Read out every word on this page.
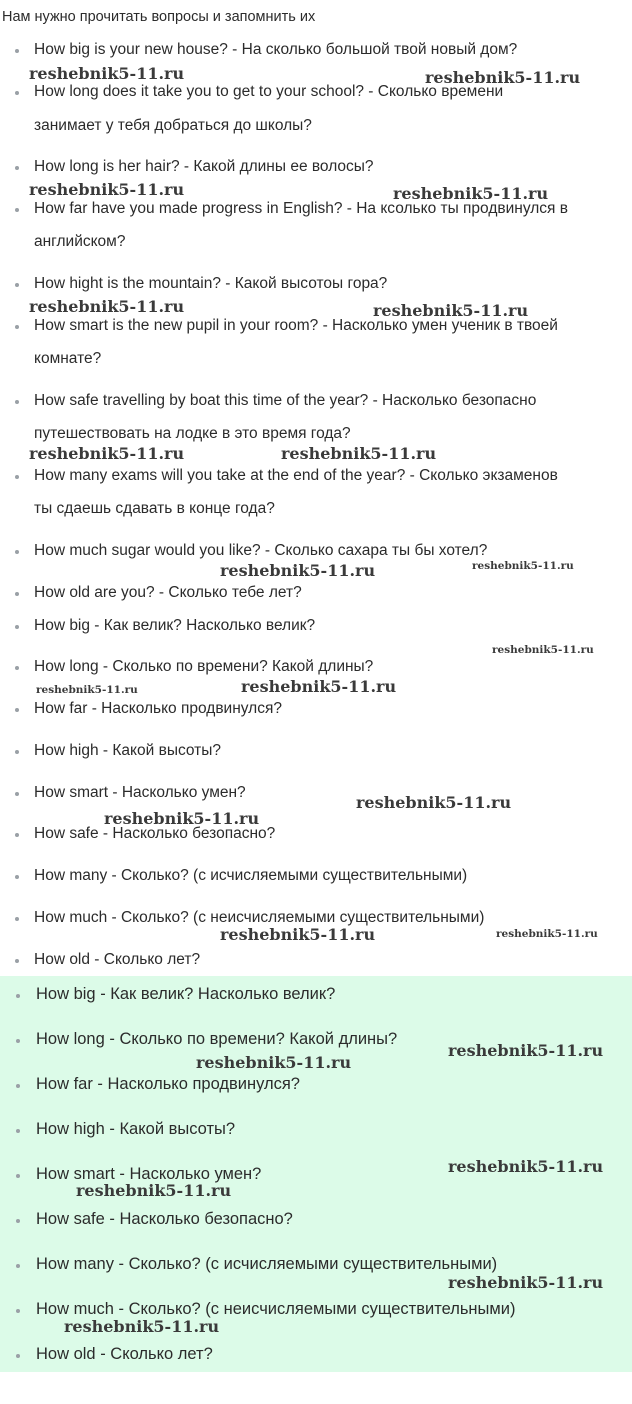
Нам нужно прочитать вопросы и запомнить их
How big is your new house? - На сколько большой твой новый дом?
How long does it take you to get to your school? - Сколько времени
занимает у тебя добраться до школы?
How long is her hair? - Какой длины ее волосы?
How far have you made progress in English? - На ксолько ты продвинулся в
английском?
How hight is the mountain? - Какой высотоы гора?
How smart is the new pupil in your room? - Насколько умен ученик в твоей
комнате?
How safe travelling by boat this time of the year? - Насколько безопасно
путешествовать на лодке в это время года?
How many exams will you take at the end of the year? - Сколько экзаменов
ты сдаешь сдавать в конце года?
How much sugar would you like? - Сколько сахара ты бы хотел?
How old are you? - Сколько тебе лет?
How big - Как велик? Насколько велик?
How long - Сколько по времени? Какой длины?
How far - Насколько продвинулся?
How high - Какой высоты?
How smart - Насколько умен?
How safe - Насколько безопасно?
How many - Сколько? (с исчисляемыми существительными)
How much - Сколько? (с неисчисляемыми существительными)
How old - Сколько лет?
How big - Как велик? Насколько велик?
How long - Сколько по времени? Какой длины?
How far - Насколько продвинулся?
How high - Какой высоты?
How smart - Насколько умен?
How safe - Насколько безопасно?
How many - Сколько? (с исчисляемыми существительными)
How much - Сколько? (с неисчисляемыми существительными)
How old - Сколько лет?
reshebnik5-11.ru	reshebnik5-11.ru
reshebnik5-11.ru	reshebnik5-11.ru
reshebnik5-11.ru	reshebnik5-11.ru
reshebnik5-11.ru	reshebnik5-11.ru
reshebnik5-11.ru	reshebnik5-11.ru
reshebnik5-11.ru
reshebnik5-11.ru	reshebnik5-11.ru
reshebnik5-11.ru
reshebnik5-11.ru
reshebnik5-11.ru	reshebnik5-11.ru
reshebnik5-11.ru
reshebnik5-11.ru
reshebnik5-11.ru
reshebnik5-11.ru
reshebnik5-11.ru
reshebnik5-11.ru
